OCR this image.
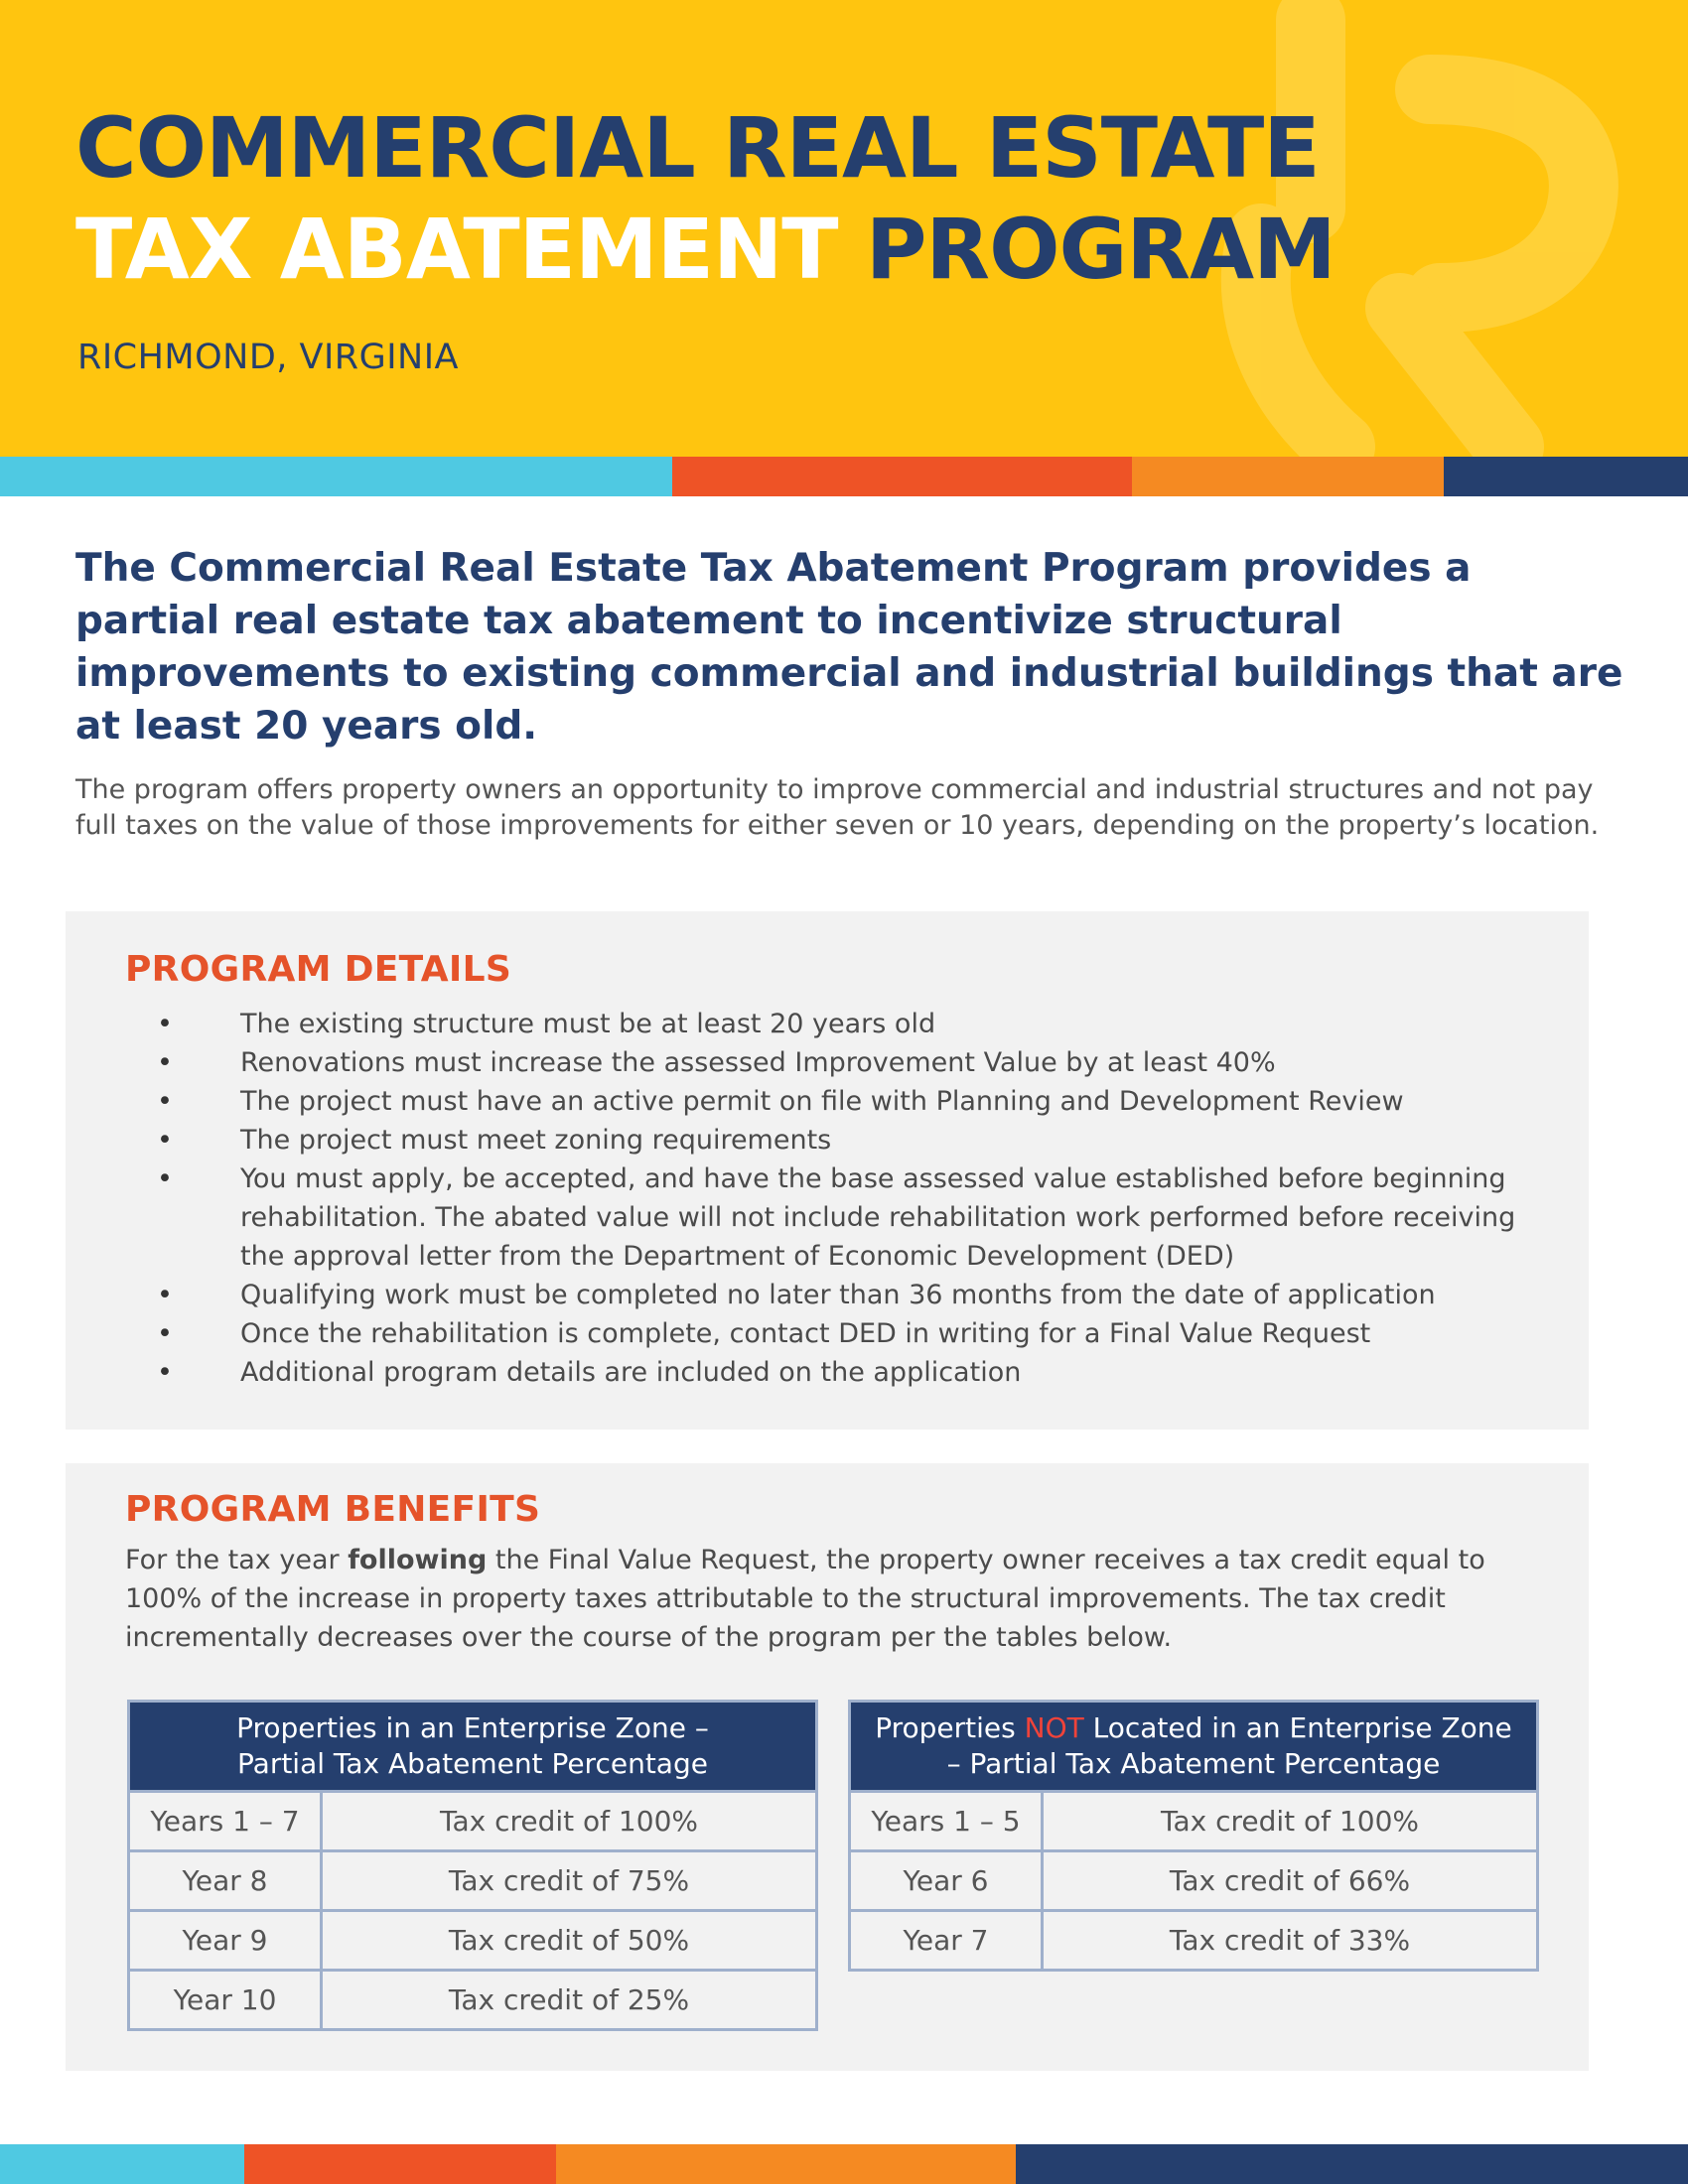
COMMERCIAL REAL ESTATE
TAX ABATEMENT PROGRAM
RICHMOND, VIRGINIA

The Commercial Real Estate Tax Abatement Program provides a partial real estate tax abatement to incentivize structural improvements to existing commercial and industrial buildings that are at least 20 years old.

The program offers property owners an opportunity to improve commercial and industrial structures and not pay full taxes on the value of those improvements for either seven or 10 years, depending on the property’s location.

PROGRAM DETAILS
• The existing structure must be at least 20 years old
• Renovations must increase the assessed Improvement Value by at least 40%
• The project must have an active permit on file with Planning and Development Review
• The project must meet zoning requirements
• You must apply, be accepted, and have the base assessed value established before beginning rehabilitation. The abated value will not include rehabilitation work performed before receiving the approval letter from the Department of Economic Development (DED)
• Qualifying work must be completed no later than 36 months from the date of application
• Once the rehabilitation is complete, contact DED in writing for a Final Value Request
• Additional program details are included on the application
PROGRAM BENEFITS

For the tax year following the Final Value Request, the property owner receives a tax credit equal to 100% of the increase in property taxes attributable to the structural improvements. The tax credit incrementally decreases over the course of the program per the tables below.

Properties in an Enterprise Zone –
Partial Tax Abatement Percentage	
Years 1 – 7	Tax credit of 100%
Year 8	Tax credit of 75%
Year 9	Tax credit of 50%
Year 10	Tax credit of 25%
Properties NOT Located in an Enterprise Zone
– Partial Tax Abatement Percentage	
Years 1 – 5	Tax credit of 100%
Year 6	Tax credit of 66%
Year 7	Tax credit of 33%
